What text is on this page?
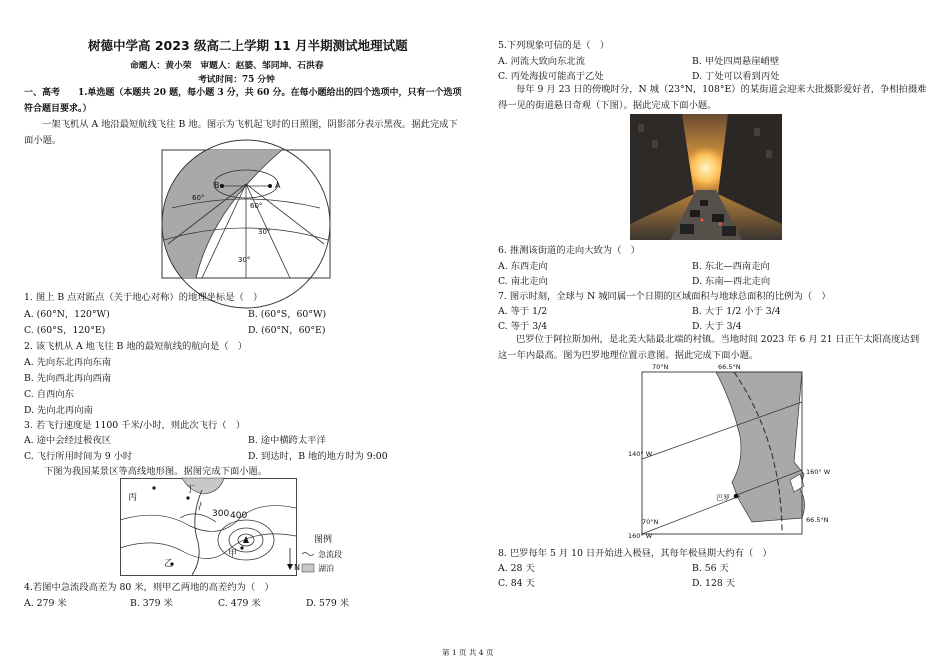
树德中学高 2023 级高二上学期 11 月半期测试地理试题
命题人：黄小荣　审题人：赵婆、邹同坤、石洪春
考试时间：75 分钟
一、高考　　1.单选题（本题共 20 题，每小题 3 分，共 60 分。在每小题给出的四个选项中，只有一个选项符合题目要求。）
一架飞机从 A 地沿最短航线飞往 B 地。图示为飞机起飞时的日照图，阴影部分表示黑夜。据此完成下面小题。
B	A
60°
60°
30°
30°
1. 图上 B 点对跖点（关于地心对称）的地理坐标是（　）
A. (60°N，120°W)	B. (60°S，60°W)
C. (60°S，120°E)	D. (60°N，60°E)
2. 该飞机从 A 地飞往 B 地的最短航线的航向是（　）
A. 先向东北再向东南
B. 先向西北再向西南
C. 自西向东
D. 先向北再向南
3. 若飞行速度是 1100 千米/小时，则此次飞行（　）
A. 途中会经过极夜区	B. 途中横跨太平洋
C. 飞行所用时间为 9 小时	D. 到达时，B 地的地方时为 9:00
下图为我国某景区等高线地形图。据图完成下面小题。
丙
丁
乙
甲
300 400
N
图例
急流段
湖泊
4.若图中急流段高差为 80 米，则甲乙两地的高差约为（　）
A. 279 米	B. 379 米	C. 479 米	D. 579 米
5.下列现象可信的是（　）
A. 河流大致向东北流	B. 甲处四周悬崖峭壁
C. 丙处海拔可能高于乙处	D. 丁处可以看到丙处
每年 9 月 23 日的傍晚时分，N 城（23°N，108°E）的某街道会迎来大批摄影爱好者，争相拍摄难得一见的街道悬日奇观（下图）。据此完成下面小题。
6. 推测该街道的走向大致为（　）
A. 东西走向	B. 东北—西南走向
C. 南北走向	D. 东南—西北走向
7. 图示时刻，全球与 N 城同属一个日期的区域面积与地球总面积的比例为（　）
A. 等于 1/2	B. 大于 1/2 小于 3/4
C. 等于 3/4	D. 大于 3/4
巴罗位于阿拉斯加州，是北美大陆最北端的村镇。当地时间 2023 年 6 月 21 日正午太阳高度达到这一年内最高。图为巴罗地理位置示意图。据此完成下面小题。
70°N	66.5°N
140° W
160° W
66.5°N
160° W
70°N
巴罗
8. 巴罗每年 5 月 10 日开始进入极昼，其每年极昼期大约有（　）
A. 28 天	B. 56 天
C. 84 天	D. 128 天
第 1 页 共 4 页
